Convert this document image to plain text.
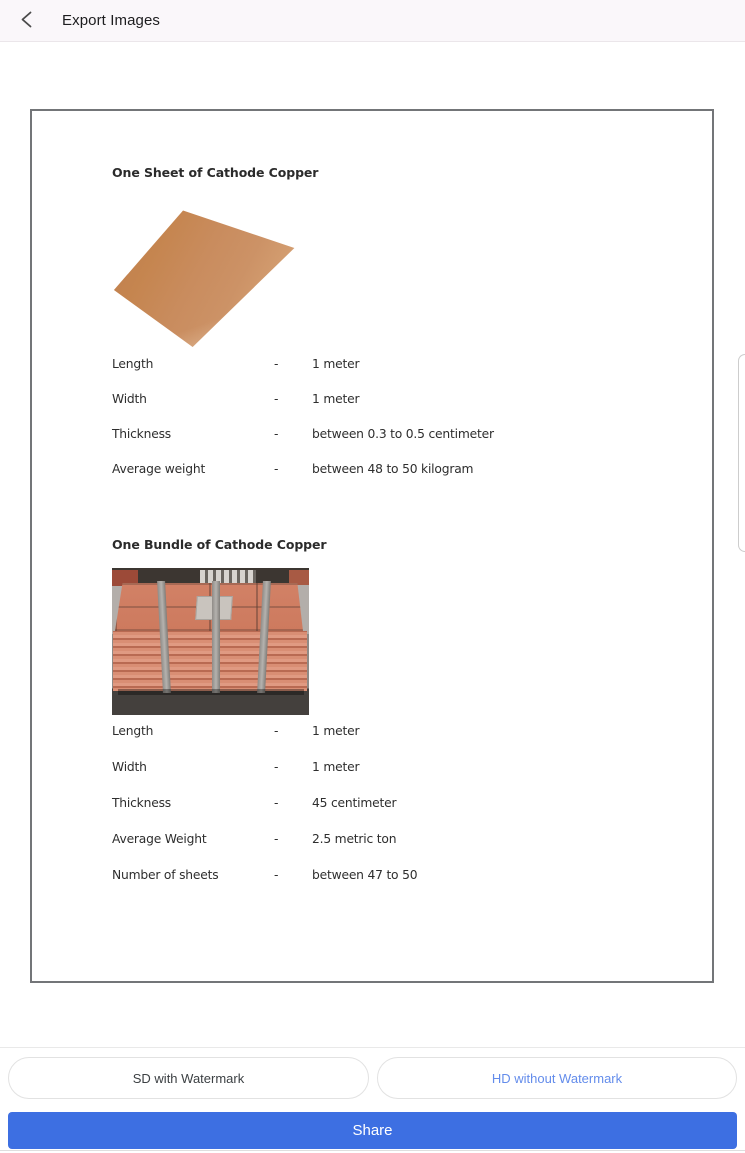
Export Images
One Sheet of Cathode Copper
Length	-	1 meter
Width	-	1 meter
Thickness	-	between 0.3 to 0.5 centimeter
Average weight	-	between 48 to 50 kilogram
One Bundle of Cathode Copper
Length	-	1 meter
Width	-	1 meter
Thickness	-	45 centimeter
Average Weight	-	2.5 metric ton
Number of sheets	-	between 47 to 50
SD with Watermark	HD without Watermark
Share
